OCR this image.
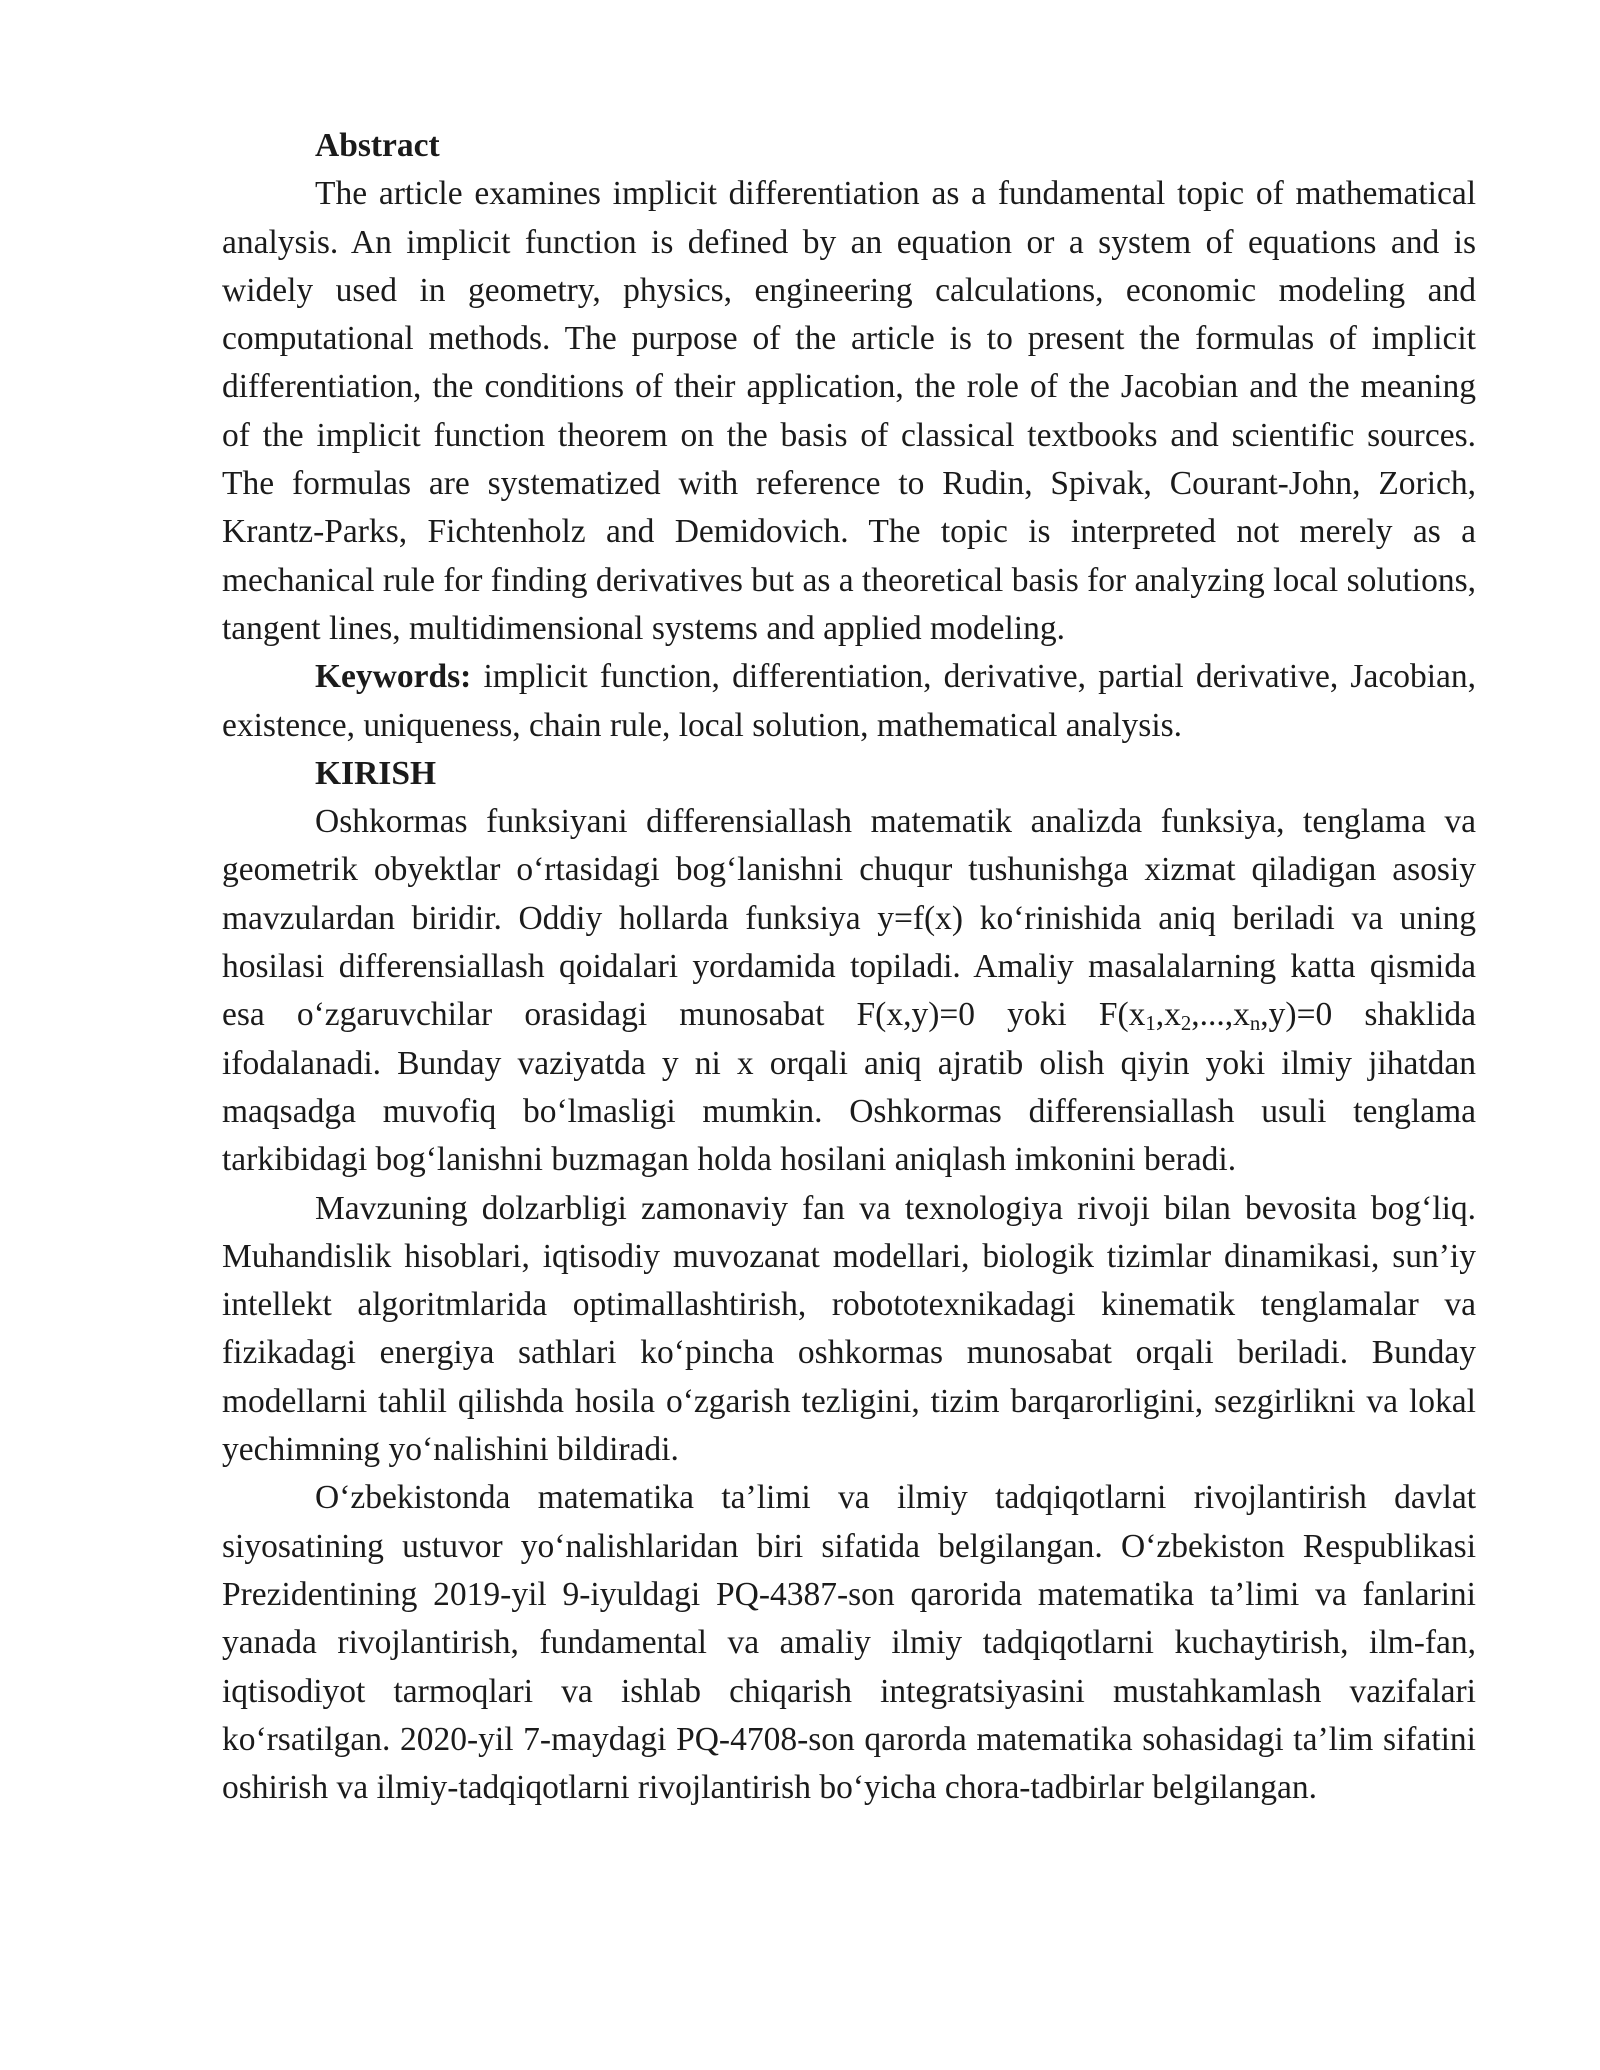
Abstract

The article examines implicit differentiation as a fundamental topic of mathematical analysis. An implicit function is defined by an equation or a system of equations and is widely used in geometry, physics, engineering calculations, economic modeling and computational methods. The purpose of the article is to present the formulas of implicit differentiation, the conditions of their application, the role of the Jacobian and the meaning of the implicit function theorem on the basis of classical textbooks and scientific sources. The formulas are systematized with reference to Rudin, Spivak, Courant-John, Zorich, Krantz-Parks, Fichtenholz and Demidovich. The topic is interpreted not merely as a mechanical rule for finding derivatives but as a theoretical basis for analyzing local solutions, tangent lines, multidimensional systems and applied modeling.

Keywords: implicit function, differentiation, derivative, partial derivative, Jacobian, existence, uniqueness, chain rule, local solution, mathematical analysis.

KIRISH

Oshkormas funksiyani differensiallash matematik analizda funksiya, tenglama va geometrik obyektlar oʻrtasidagi bogʻlanishni chuqur tushunishga xizmat qiladigan asosiy mavzulardan biridir. Oddiy hollarda funksiya y=f(x) koʻrinishida aniq beriladi va uning hosilasi differensiallash qoidalari yordamida topiladi. Amaliy masalalarning katta qismida esa oʻzgaruvchilar orasidagi munosabat F(x,y)=0 yoki $F(x_1,x_2,...,x_n,y)=0$ shaklida ifodalanadi. Bunday vaziyatda y ni x orqali aniq ajratib olish qiyin yoki ilmiy jihatdan maqsadga muvofiq boʻlmasligi mumkin. Oshkormas differensiallash usuli tenglama tarkibidagi bogʻlanishni buzmagan holda hosilani aniqlash imkonini beradi.

Mavzuning dolzarbligi zamonaviy fan va texnologiya rivoji bilan bevosita bogʻliq. Muhandislik hisoblari, iqtisodiy muvozanat modellari, biologik tizimlar dinamikasi, sun’iy intellekt algoritmlarida optimallashtirish, robototexnikadagi kinematik tenglamalar va fizikadagi energiya sathlari koʻpincha oshkormas munosabat orqali beriladi. Bunday modellarni tahlil qilishda hosila oʻzgarish tezligini, tizim barqarorligini, sezgirlikni va lokal yechimning yoʻnalishini bildiradi.

Oʻzbekistonda matematika ta’limi va ilmiy tadqiqotlarni rivojlantirish davlat siyosatining ustuvor yoʻnalishlaridan biri sifatida belgilangan. Oʻzbekiston Respublikasi Prezidentining 2019-yil 9-iyuldagi PQ-4387-son qarorida matematika ta’limi va fanlarini yanada rivojlantirish, fundamental va amaliy ilmiy tadqiqotlarni kuchaytirish, ilm-fan, iqtisodiyot tarmoqlari va ishlab chiqarish integratsiyasini mustahkamlash vazifalari koʻrsatilgan. 2020-yil 7-maydagi PQ-4708-son qarorda matematika sohasidagi ta’lim sifatini oshirish va ilmiy-tadqiqotlarni rivojlantirish boʻyicha chora-tadbirlar belgilangan.
